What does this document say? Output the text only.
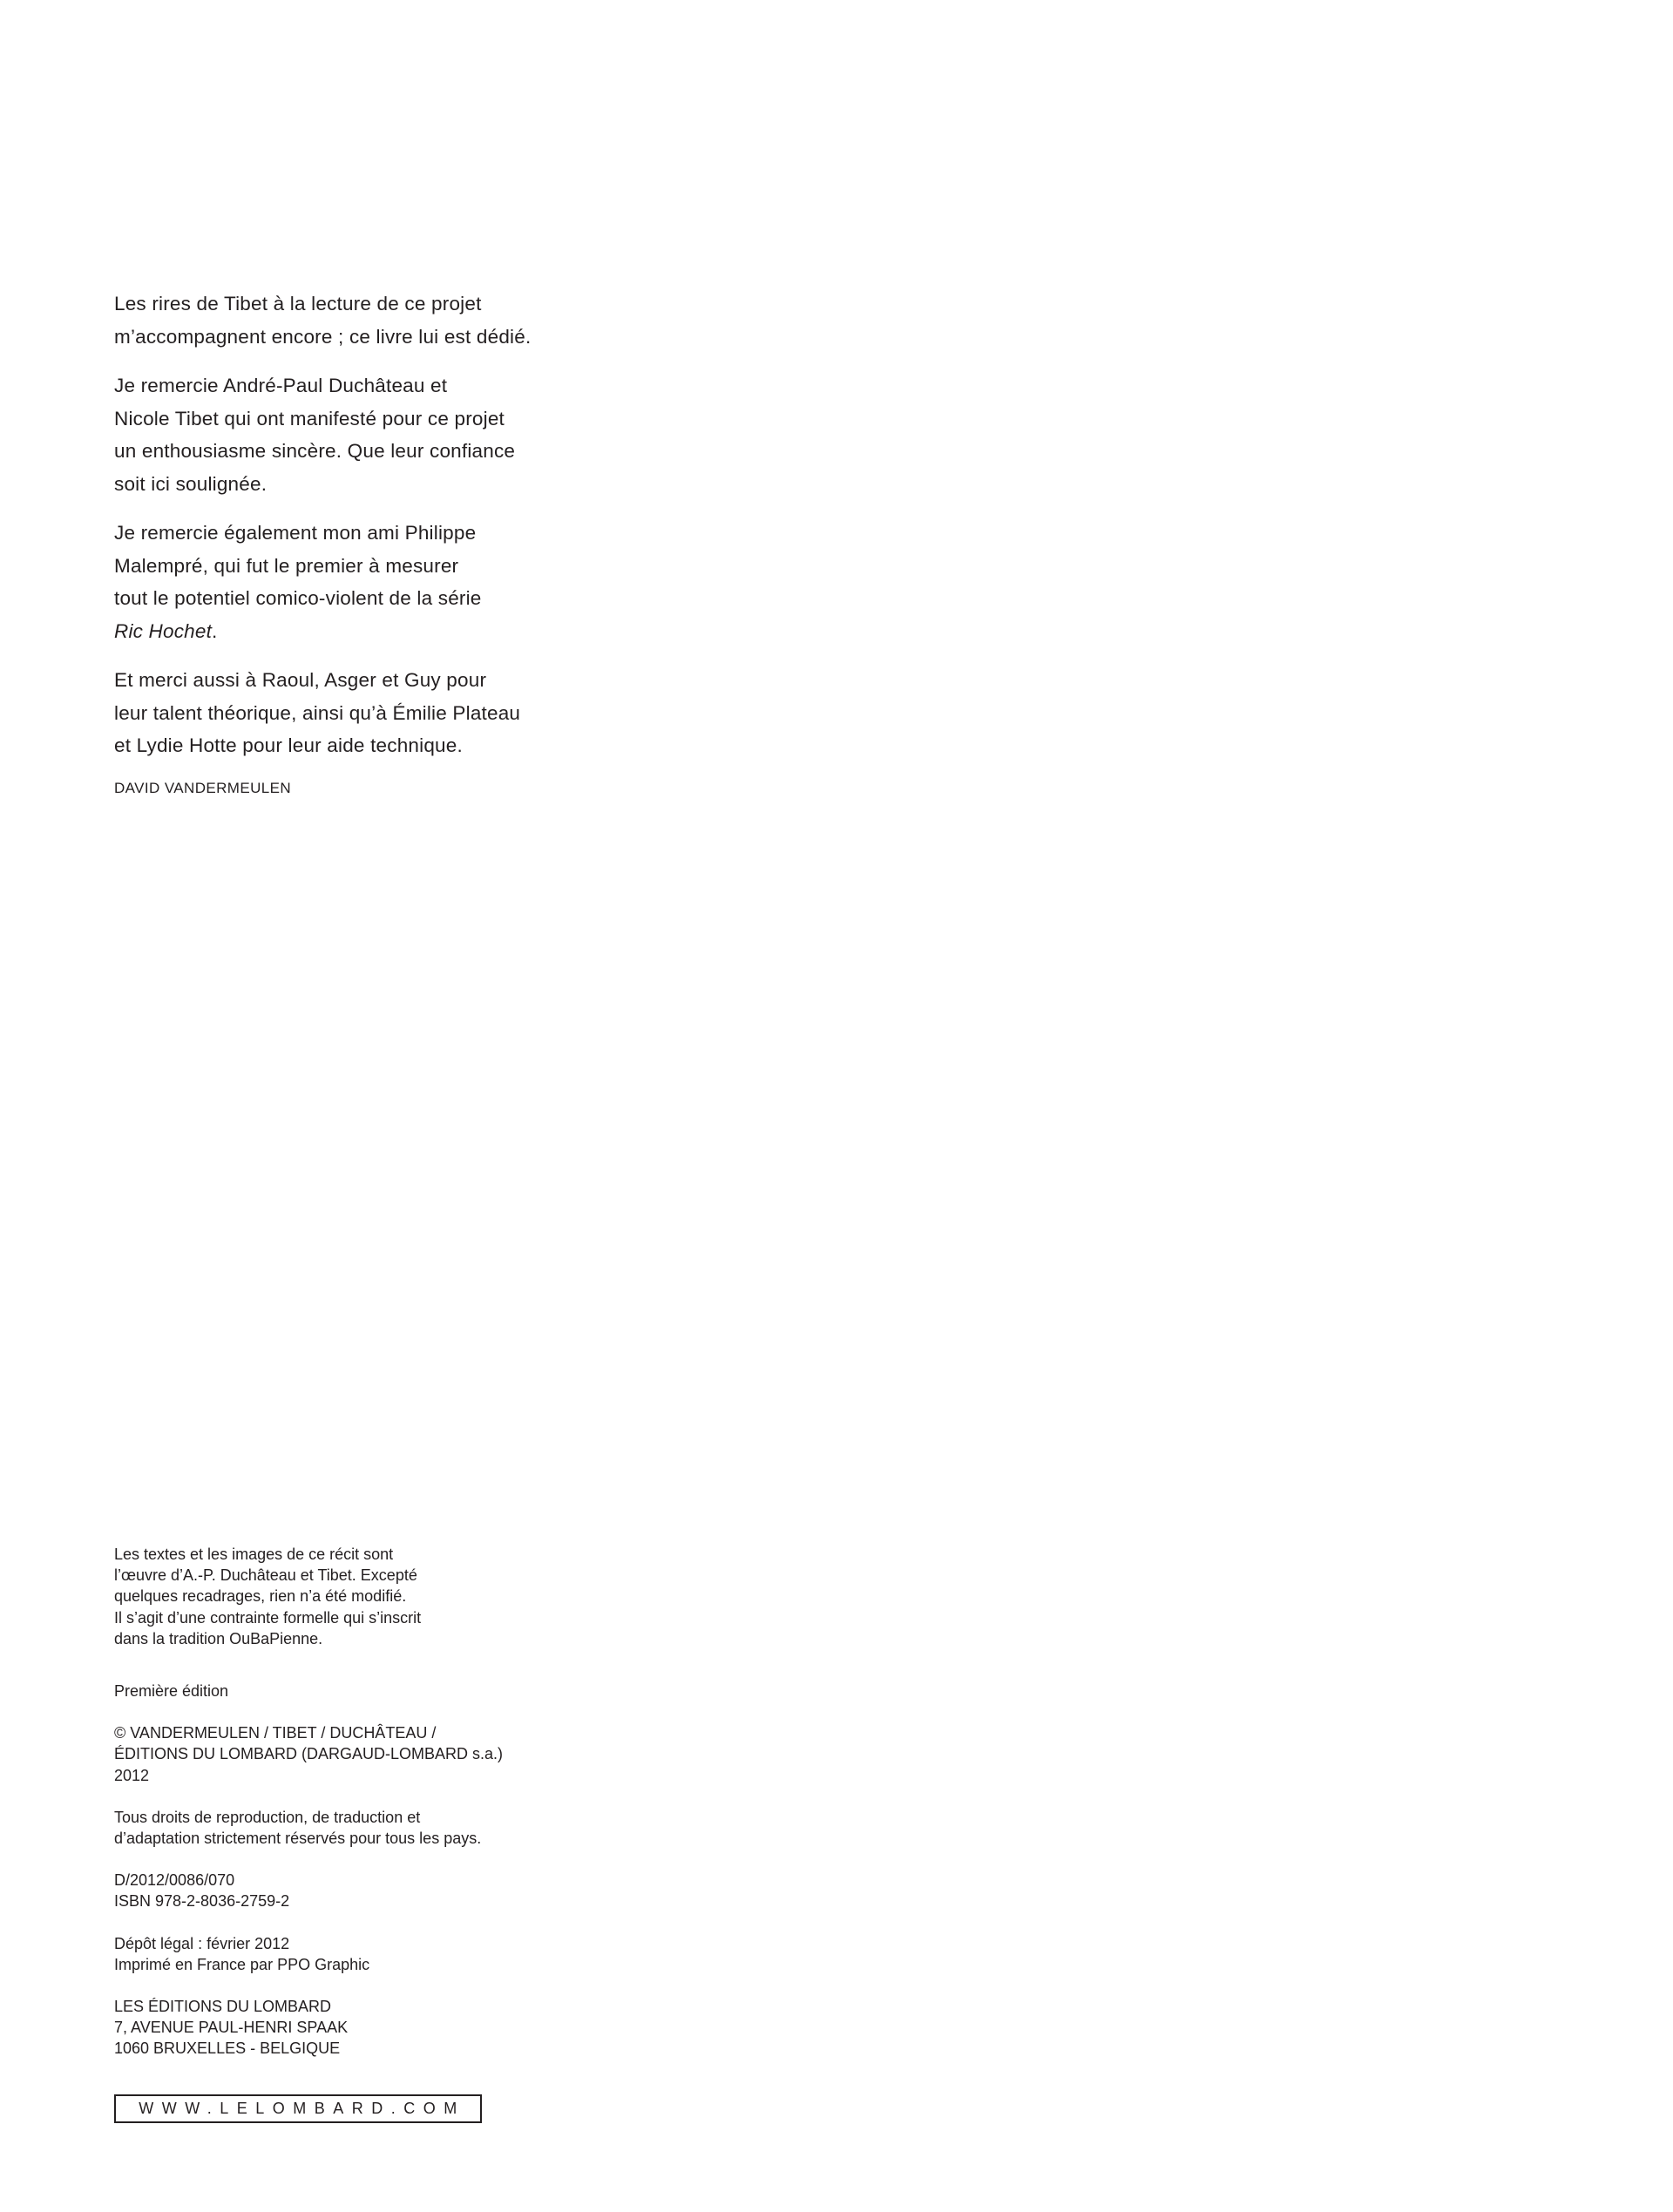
Les rires de Tibet à la lecture de ce projet
m’accompagnent encore ; ce livre lui est dédié.

Je remercie André-Paul Duchâteau et
Nicole Tibet qui ont manifesté pour ce projet
un enthousiasme sincère. Que leur confiance
soit ici soulignée.

Je remercie également mon ami Philippe
Malempré, qui fut le premier à mesurer
tout le potentiel comico-violent de la série
Ric Hochet.

Et merci aussi à Raoul, Asger et Guy pour
leur talent théorique, ainsi qu’à Émilie Plateau
et Lydie Hotte pour leur aide technique.

DAVID VANDERMEULEN
Les textes et les images de ce récit sont
l’œuvre d’A.-P. Duchâteau et Tibet. Excepté
quelques recadrages, rien n’a été modifié.
Il s’agit d’une contrainte formelle qui s’inscrit
dans la tradition OuBaPienne.
Première édition
© VANDERMEULEN / TIBET / DUCHÂTEAU /
ÉDITIONS DU LOMBARD (DARGAUD-LOMBARD s.a.)
2012
Tous droits de reproduction, de traduction et
d’adaptation strictement réservés pour tous les pays.
D/2012/0086/070
ISBN 978-2-8036-2759-2
Dépôt légal : février 2012
Imprimé en France par PPO Graphic
LES ÉDITIONS DU LOMBARD
7, AVENUE PAUL-HENRI SPAAK
1060 BRUXELLES - BELGIQUE
WWW.LELOMBARD.COM
